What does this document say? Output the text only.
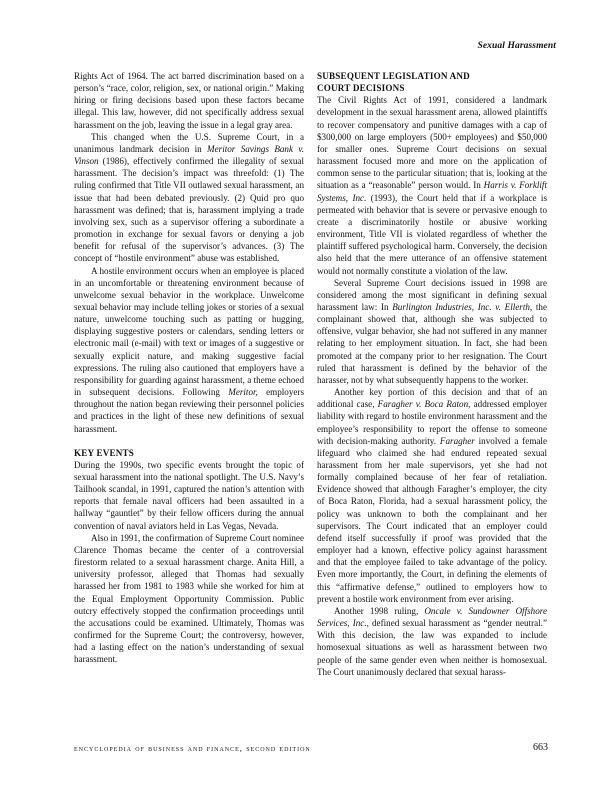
Sexual Harassment

Rights Act of 1964. The act barred discrimination based on a person’s “race, color, religion, sex, or national origin.” Making hiring or firing decisions based upon these factors became illegal. This law, however, did not specifically address sexual harassment on the job, leaving the issue in a legal gray area.

This changed when the U.S. Supreme Court, in a unanimous landmark decision in Meritor Savings Bank v. Vinson (1986), effectively confirmed the illegality of sexual harassment. The decision’s impact was threefold: (1) The ruling confirmed that Title VII outlawed sexual harassment, an issue that had been debated previously. (2) Quid pro quo harassment was defined; that is, harassment implying a trade involving sex, such as a supervisor offering a subordinate a promotion in exchange for sexual favors or denying a job benefit for refusal of the supervisor’s advances. (3) The concept of “hostile environment” abuse was established.

A hostile environment occurs when an employee is placed in an uncomfortable or threatening environment because of unwelcome sexual behavior in the workplace. Unwelcome sexual behavior may include telling jokes or stories of a sexual nature, unwelcome touching such as patting or hugging, displaying suggestive posters or calendars, sending letters or electronic mail (e-mail) with text or images of a suggestive or sexually explicit nature, and making suggestive facial expressions. The ruling also cautioned that employers have a responsibility for guarding against harassment, a theme echoed in subsequent decisions. Following Meritor, employers throughout the nation began reviewing their personnel policies and practices in the light of these new definitions of sexual harassment.

KEY EVENTS

During the 1990s, two specific events brought the topic of sexual harassment into the national spotlight. The U.S. Navy’s Tailhook scandal, in 1991, captured the nation’s attention with reports that female naval officers had been assaulted in a hallway “gauntlet” by their fellow officers during the annual convention of naval aviators held in Las Vegas, Nevada.

Also in 1991, the confirmation of Supreme Court nominee Clarence Thomas became the center of a controversial firestorm related to a sexual harassment charge. Anita Hill, a university professor, alleged that Thomas had sexually harassed her from 1981 to 1983 while she worked for him at the Equal Employment Opportunity Commission. Public outcry effectively stopped the confirmation proceedings until the accusations could be examined. Ultimately, Thomas was confirmed for the Supreme Court; the controversy, however, had a lasting effect on the nation’s understanding of sexual harassment.

SUBSEQUENT LEGISLATION AND
COURT DECISIONS

The Civil Rights Act of 1991, considered a landmark development in the sexual harassment arena, allowed plaintiffs to recover compensatory and punitive damages with a cap of $300,000 on large employers (500+ employees) and $50,000 for smaller ones. Supreme Court decisions on sexual harassment focused more and more on the application of common sense to the particular situation; that is, looking at the situation as a “reasonable” person would. In Harris v. Forklift Systems, Inc. (1993), the Court held that if a workplace is permeated with behavior that is severe or pervasive enough to create a discriminatorily hostile or abusive working environment, Title VII is violated regardless of whether the plaintiff suffered psychological harm. Conversely, the decision also held that the mere utterance of an offensive statement would not normally constitute a violation of the law.

Several Supreme Court decisions issued in 1998 are considered among the most significant in defining sexual harassment law: In Burlington Industries, Inc. v. Ellerth, the complainant showed that, although she was subjected to offensive, vulgar behavior, she had not suffered in any manner relating to her employment situation. In fact, she had been promoted at the company prior to her resignation. The Court ruled that harassment is defined by the behavior of the harasser, not by what subsequently happens to the worker.

Another key portion of this decision and that of an additional case, Faragher v. Boca Raton, addressed employer liability with regard to hostile environment harassment and the employee’s responsibility to report the offense to someone with decision-making authority. Faragher involved a female lifeguard who claimed she had endured repeated sexual harassment from her male supervisors, yet she had not formally complained because of her fear of retaliation. Evidence showed that although Faragher’s employer, the city of Boca Raton, Florida, had a sexual harassment policy, the policy was unknown to both the complainant and her supervisors. The Court indicated that an employer could defend itself successfully if proof was provided that the employer had a known, effective policy against harassment and that the employee failed to take advantage of the policy. Even more importantly, the Court, in defining the elements of this “affirmative defense,” outlined to employers how to prevent a hostile work environment from ever arising.

Another 1998 ruling, Oncale v. Sundowner Offshore Services, Inc., defined sexual harassment as “gender neutral.” With this decision, the law was expanded to include homosexual situations as well as harassment between two people of the same gender even when neither is homosexual. The Court unanimously declared that sexual harass-

encyclopedia of business and finance, second edition	663
